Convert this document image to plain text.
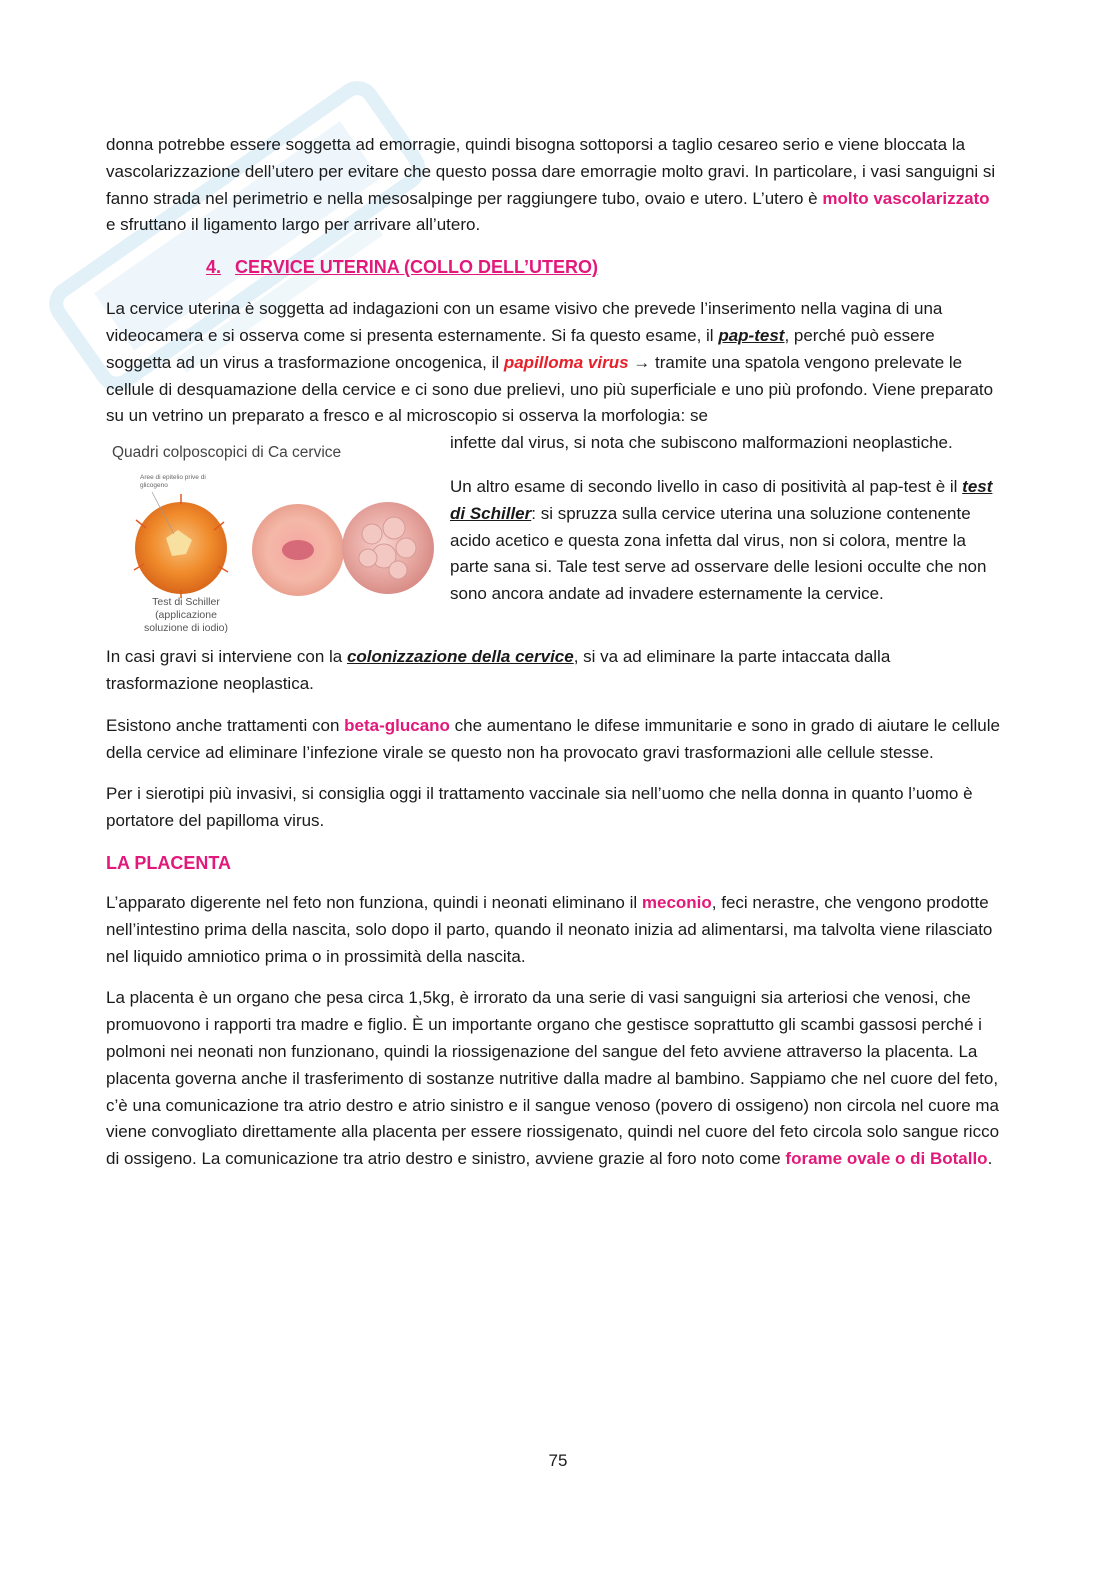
donna potrebbe essere soggetta ad emorragie, quindi bisogna sottoporsi a taglio cesareo serio e viene bloccata la vascolarizzazione dell’utero per evitare che questo possa dare emorragie molto gravi. In particolare, i vasi sanguigni si fanno strada nel perimetrio e nella mesosalpinge per raggiungere tubo, ovaio e utero. L’utero è molto vascolarizzato e sfruttano il ligamento largo per arrivare all’utero.

4. CERVICE UTERINA (COLLO DELL’UTERO)

La cervice uterina è soggetta ad indagazioni con un esame visivo che prevede l’inserimento nella vagina di una videocamera e si osserva come si presenta esternamente. Si fa questo esame, il pap-test, perché può essere soggetta ad un virus a trasformazione oncogenica, il papilloma virus → tramite una spatola vengono prelevate le cellule di desquamazione della cervice e ci sono due prelievi, uno più superficiale e uno più profondo. Viene preparato su un vetrino un preparato a fresco e al microscopio si osserva la morfologia: se

Quadri colposcopici di Ca cervice
Aree di epitelio prive di glicogeno
Test di Schiller (applicazione soluzione di iodio)

infette dal virus, si nota che subiscono malformazioni neoplastiche.

Un altro esame di secondo livello in caso di positività al pap-test è il test di Schiller: si spruzza sulla cervice uterina una soluzione contenente acido acetico e questa zona infetta dal virus, non si colora, mentre la parte sana si. Tale test serve ad osservare delle lesioni occulte che non sono ancora andate ad invadere esternamente la cervice.

In casi gravi si interviene con la colonizzazione della cervice, si va ad eliminare la parte intaccata dalla trasformazione neoplastica.

Esistono anche trattamenti con beta-glucano che aumentano le difese immunitarie e sono in grado di aiutare le cellule della cervice ad eliminare l’infezione virale se questo non ha provocato gravi trasformazioni alle cellule stesse.

Per i sierotipi più invasivi, si consiglia oggi il trattamento vaccinale sia nell’uomo che nella donna in quanto l’uomo è portatore del papilloma virus.

LA PLACENTA

L’apparato digerente nel feto non funziona, quindi i neonati eliminano il meconio, feci nerastre, che vengono prodotte nell’intestino prima della nascita, solo dopo il parto, quando il neonato inizia ad alimentarsi, ma talvolta viene rilasciato nel liquido amniotico prima o in prossimità della nascita.

La placenta è un organo che pesa circa 1,5kg, è irrorato da una serie di vasi sanguigni sia arteriosi che venosi, che promuovono i rapporti tra madre e figlio. È un importante organo che gestisce soprattutto gli scambi gassosi perché i polmoni nei neonati non funzionano, quindi la riossigenazione del sangue del feto avviene attraverso la placenta. La placenta governa anche il trasferimento di sostanze nutritive dalla madre al bambino. Sappiamo che nel cuore del feto, c’è una comunicazione tra atrio destro e atrio sinistro e il sangue venoso (povero di ossigeno) non circola nel cuore ma viene convogliato direttamente alla placenta per essere riossigenato, quindi nel cuore del feto circola solo sangue ricco di ossigeno. La comunicazione tra atrio destro e sinistro, avviene grazie al foro noto come forame ovale o di Botallo.

75
